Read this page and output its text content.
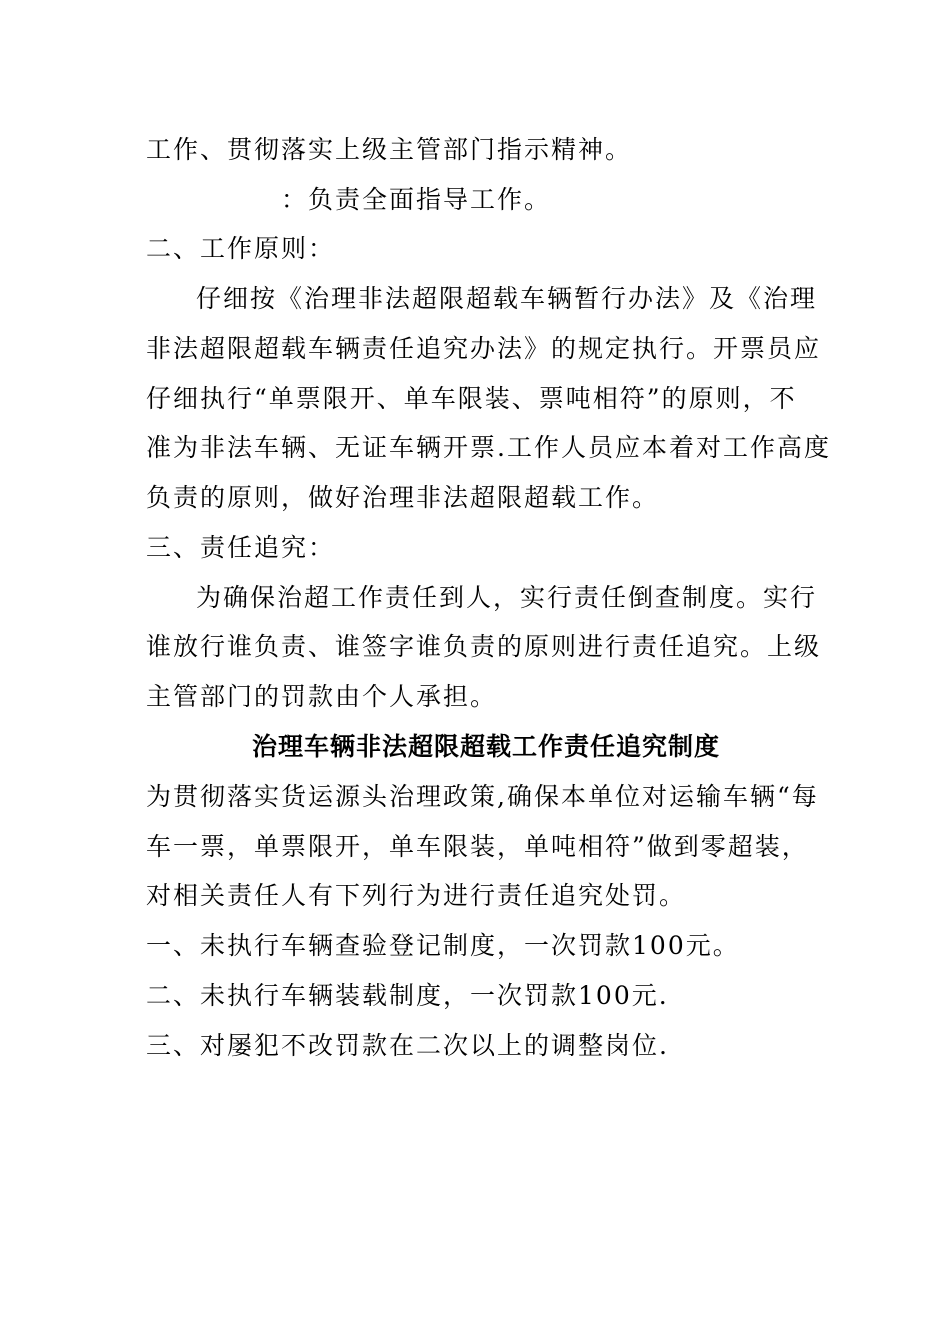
工作、贯彻落实上级主管部门指示精神。
　　　　　：负责全面指导工作。
二、工作原则：
仔细按《治理非法超限超载车辆暂行办法》及《治理
非法超限超载车辆责任追究办法》的规定执行。开票员应
仔细执行“单票限开、单车限装、票吨相符”的原则，不
准为非法车辆、无证车辆开票.工作人员应本着对工作高度
负责的原则，做好治理非法超限超载工作。
三、责任追究：
为确保治超工作责任到人，实行责任倒查制度。实行
谁放行谁负责、谁签字谁负责的原则进行责任追究。上级
主管部门的罚款由个人承担。
治理车辆非法超限超载工作责任追究制度
为贯彻落实货运源头治理政策,确保本单位对运输车辆“每
车一票，单票限开，单车限装，单吨相符”做到零超装，
对相关责任人有下列行为进行责任追究处罚。
一、未执行车辆查验登记制度，一次罚款100元。
二、未执行车辆装载制度，一次罚款100元.
三、对屡犯不改罚款在二次以上的调整岗位.
